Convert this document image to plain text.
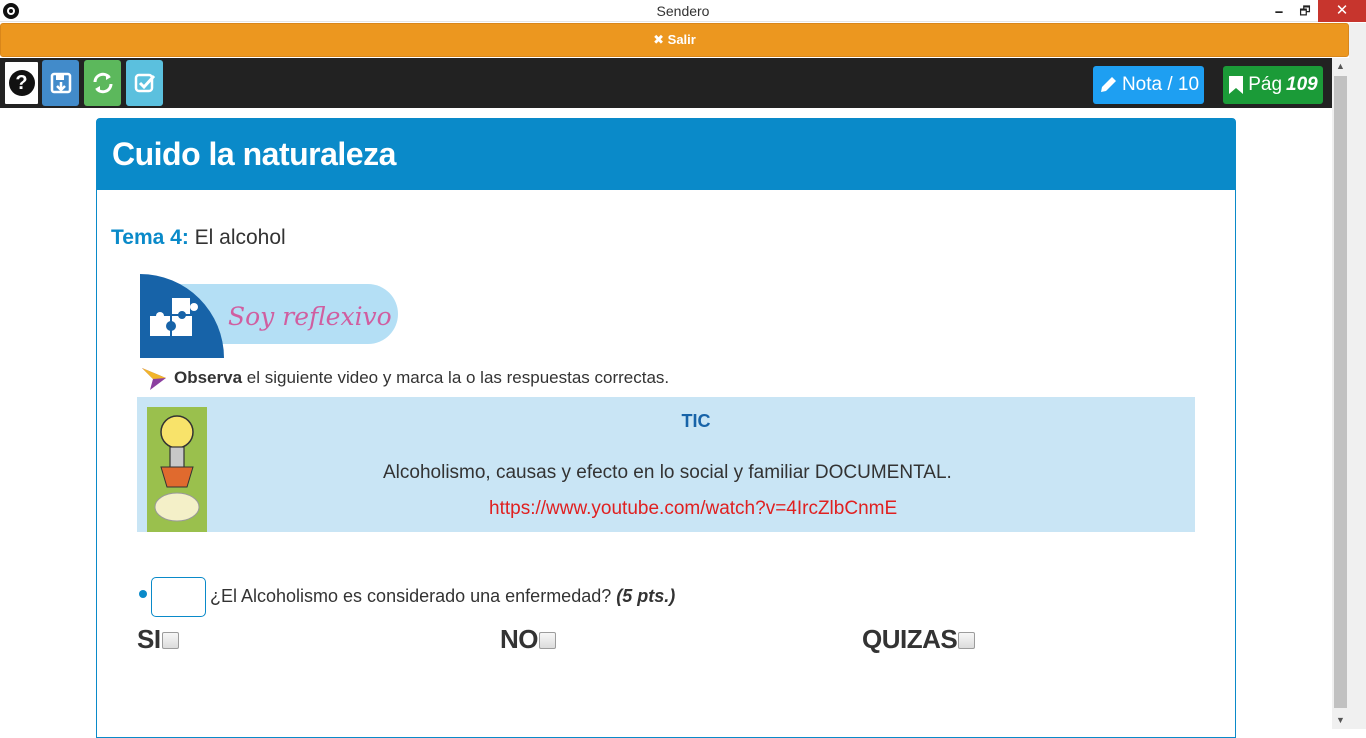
Sendero	🗕	🗗	✕
✖ Salir
?	Nota / 10	Pág 109
▲
▼
Cuido la naturaleza
Tema 4: El alcohol
Soy reflexivo
Observa el siguiente video y marca la o las respuestas correctas.
TIC
Alcoholismo, causas y efecto en lo social y familiar DOCUMENTAL.
https://www.youtube.com/watch?v=4IrcZlbCnmE
¿El Alcoholismo es considerado una enfermedad? (5 pts.)
SI	NO	QUIZAS
